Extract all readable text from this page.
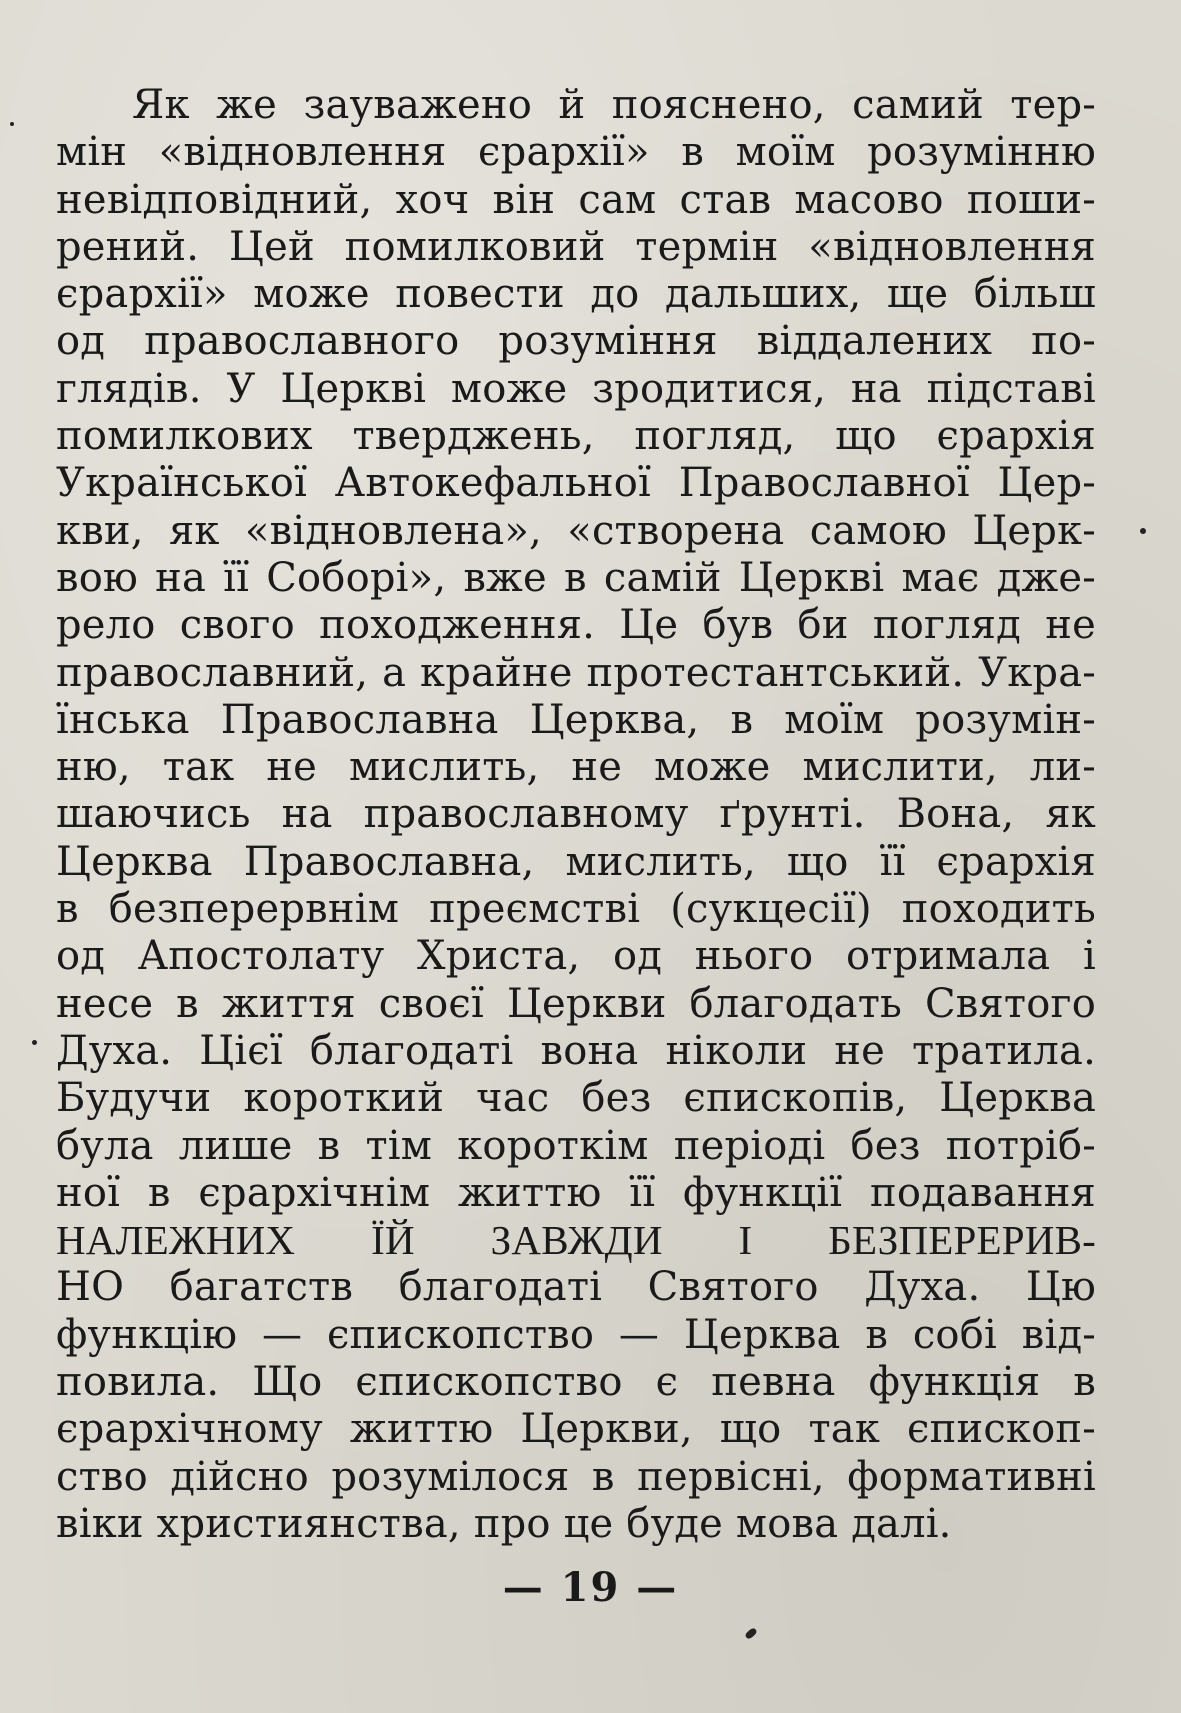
Як же зауважено й пояснено, самий тер-
мін «відновлення єрархії» в моїм розумінню
невідповідний, хоч він сам став масово поши-
рений. Цей помилковий термін «відновлення
єрархії» може повести до дальших, ще більш
од православного розуміння віддалених по-
глядів. У Церкві може зродитися, на підставі
помилкових тверджень, погляд, що єрархія
Української Автокефальної Православної Цер-
кви, як «відновлена», «створена самою Церк-
вою на її Соборі», вже в самій Церкві має дже-
рело свого походження. Це був би погляд не
православний, а крайне протестантський. Укра-
їнська Православна Церква, в моїм розумін-
ню, так не мислить, не може мислити, ли-
шаючись на православному ґрунті. Вона, як
Церква Православна, мислить, що її єрархія
в безперервнім преємстві (сукцесії) походить
од Апостолату Христа, од нього отримала і
несе в життя своєї Церкви благодать Святого
Духа. Цієї благодаті вона ніколи не тратила.
Будучи короткий час без єпископів, Церква
була лише в тім короткім періоді без потріб-
ної в єрархічнім життю її функції подавання
НАЛЕЖНИХ ЇЙ ЗАВЖДИ І БЕЗПЕРЕРИВ-
НО багатств благодаті Святого Духа. Цю
функцію — єпископство — Церква в собі від-
повила. Що єпископство є певна функція в
єрархічному життю Церкви, що так єпископ-
ство дійсно розумілося в первісні, формативні
віки християнства, про це буде мова далі.
— 19 —
